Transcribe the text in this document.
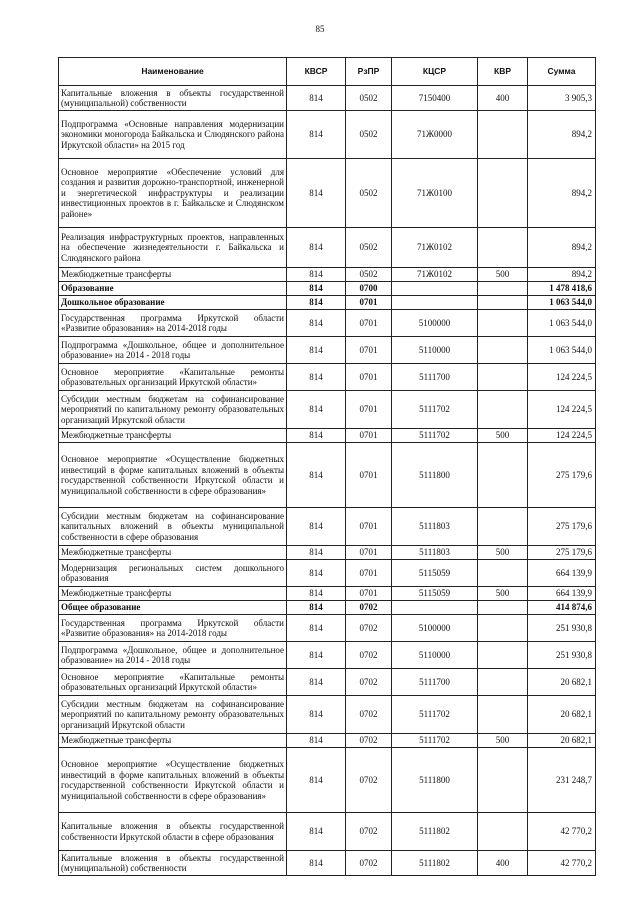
85
Наименование	КВСР	РзПР	КЦСР	КВР	Сумма
Капитальные вложения в объекты государственной (муниципальной) собственности	814	0502	7150400	400	3 905,3
Подпрограмма «Основные направления модернизации экономики моногорода Байкальска и Слюдянского района Иркутской области» на 2015 год	814	0502	71Ж0000		894,2
Основное мероприятие «Обеспечение условий для создания и развития дорожно-транспортной, инженерной и энергетической инфраструктуры и реализации инвестиционных проектов в г. Байкальске и Слюдянском районе»	814	0502	71Ж0100		894,2
Реализация инфраструктурных проектов, направленных на обеспечение жизнедеятельности г. Байкальска и Слюдянского района	814	0502	71Ж0102		894,2
Межбюджетные трансферты	814	0502	71Ж0102	500	894,2
Образование	814	0700			1 478 418,6
Дошкольное образование	814	0701			1 063 544,0
Государственная программа Иркутской области «Развитие образования» на 2014-2018 годы	814	0701	5100000		1 063 544,0
Подпрограмма «Дошкольное, общее и дополнительное образование» на 2014 - 2018 годы	814	0701	5110000		1 063 544,0
Основное мероприятие «Капитальные ремонты образовательных организаций Иркутской области»	814	0701	5111700		124 224,5
Субсидии местным бюджетам на софинансирование мероприятий по капитальному ремонту образовательных организаций Иркутской области	814	0701	5111702		124 224,5
Межбюджетные трансферты	814	0701	5111702	500	124 224,5
Основное мероприятие «Осуществление бюджетных инвестиций в форме капитальных вложений в объекты государственной собственности Иркутской области и муниципальной собственности в сфере образования»	814	0701	5111800		275 179,6
Субсидии местным бюджетам на софинансирование капитальных вложений в объекты муниципальной собственности в сфере образования	814	0701	5111803		275 179,6
Межбюджетные трансферты	814	0701	5111803	500	275 179,6
Модернизация региональных систем дошкольного образования	814	0701	5115059		664 139,9
Межбюджетные трансферты	814	0701	5115059	500	664 139,9
Общее образование	814	0702			414 874,6
Государственная программа Иркутской области «Развитие образования» на 2014-2018 годы	814	0702	5100000		251 930,8
Подпрограмма «Дошкольное, общее и дополнительное образование» на 2014 - 2018 годы	814	0702	5110000		251 930,8
Основное мероприятие «Капитальные ремонты образовательных организаций Иркутской области»	814	0702	5111700		20 682,1
Субсидии местным бюджетам на софинансирование мероприятий по капитальному ремонту образовательных организаций Иркутской области	814	0702	5111702		20 682,1
Межбюджетные трансферты	814	0702	5111702	500	20 682,1
Основное мероприятие «Осуществление бюджетных инвестиций в форме капитальных вложений в объекты государственной собственности Иркутской области и муниципальной собственности в сфере образования»	814	0702	5111800		231 248,7
Капитальные вложения в объекты государственной собственности Иркутской области в сфере образования	814	0702	5111802		42 770,2
Капитальные вложения в объекты государственной (муниципальной) собственности	814	0702	5111802	400	42 770,2
